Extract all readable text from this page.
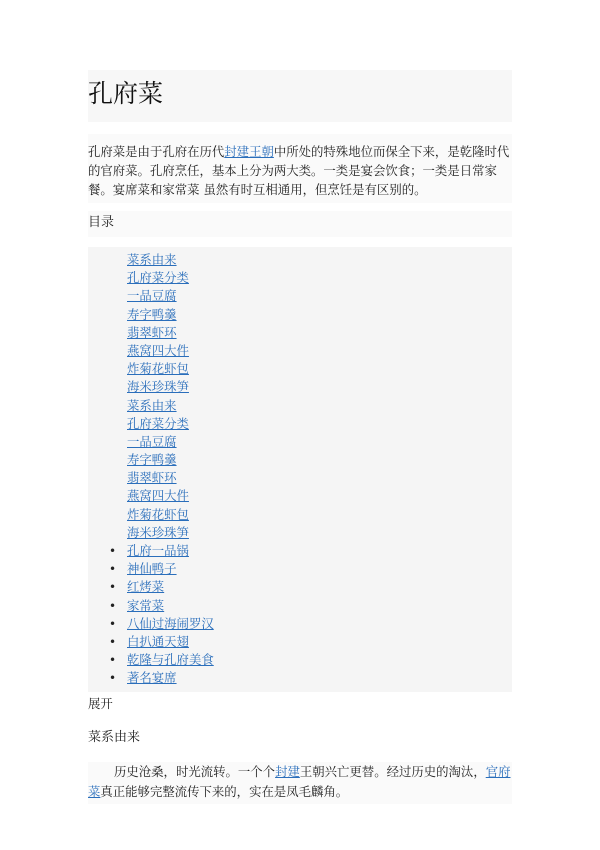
孔府菜
孔府菜是由于孔府在历代封建王朝中所处的特殊地位而保全下来，是乾隆时代的官府菜。孔府烹任，基本上分为两大类。一类是宴会饮食；一类是日常家餐。宴席菜和家常菜 虽然有时互相通用，但烹饪是有区别的。
目录
菜系由来
孔府菜分类
一品豆腐
寿字鸭羹
翡翠虾环
燕窝四大件
炸菊花虾包
海米珍珠笋
菜系由来
孔府菜分类
一品豆腐
寿字鸭羹
翡翠虾环
燕窝四大件
炸菊花虾包
海米珍珠笋
• 孔府一品锅
• 神仙鸭子
• 红烤菜
• 家常菜
• 八仙过海闹罗汉
• 白扒通天翅
• 乾隆与孔府美食
• 著名宴席
展开
菜系由来
历史沧桑，时光流转。一个个封建王朝兴亡更替。经过历史的淘汰，官府菜真正能够完整流传下来的，实在是凤毛麟角。
